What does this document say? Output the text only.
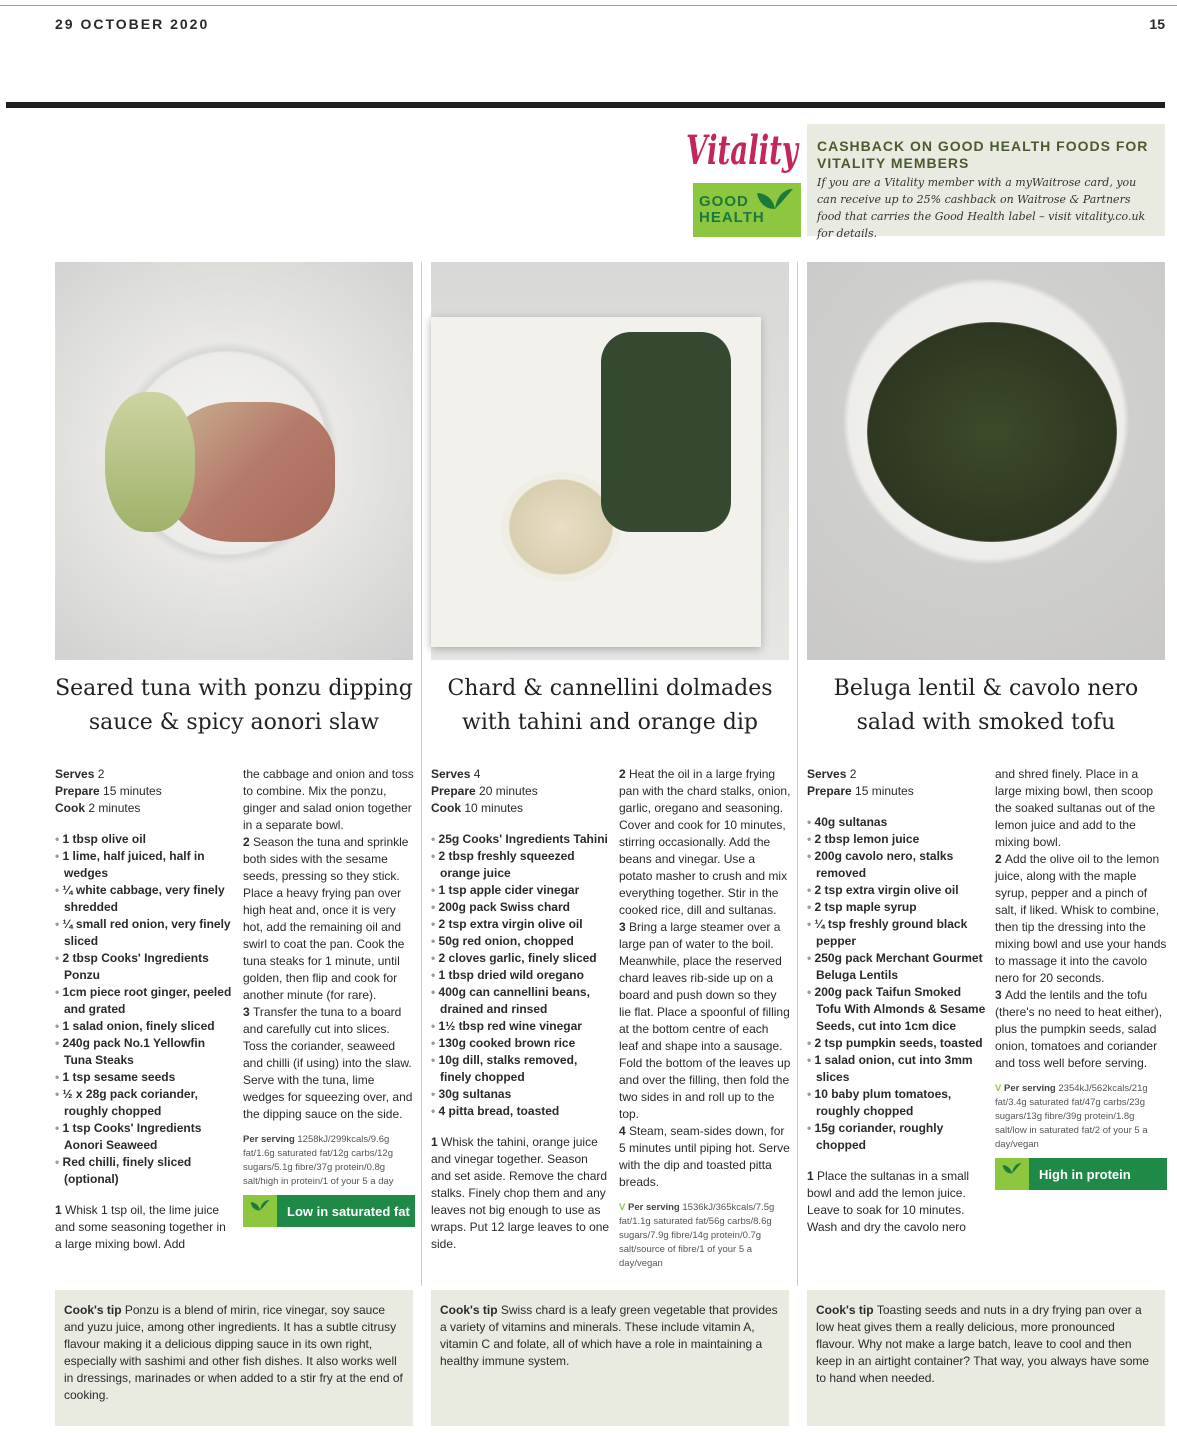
29 OCTOBER 2020	15
Vitality
GOOD HEALTH
CASHBACK ON GOOD HEALTH FOODS FOR VITALITY MEMBERS

If you are a Vitality member with a myWaitrose card, you can receive up to 25% cashback on Waitrose & Partners food that carries the Good Health label – visit vitality.co.uk for details.

Seared tuna with ponzu dipping sauce & spicy aonori slaw
Serves 2
Prepare 15 minutes
Cook 2 minutes
• 1 tbsp olive oil
• 1 lime, half juiced, half in wedges
• ¼ white cabbage, very finely shredded
• ¼ small red onion, very finely sliced
• 2 tbsp Cooks' Ingredients Ponzu
• 1cm piece root ginger, peeled and grated
• 1 salad onion, finely sliced
• 240g pack No.1 Yellowfin Tuna Steaks
• 1 tsp sesame seeds
• ½ x 28g pack coriander, roughly chopped
• 1 tsp Cooks' Ingredients Aonori Seaweed
• Red chilli, finely sliced (optional)

1 Whisk 1 tsp oil, the lime juice and some seasoning together in a large mixing bowl. Add

the cabbage and onion and toss to combine. Mix the ponzu, ginger and salad onion together in a separate bowl.

2 Season the tuna and sprinkle both sides with the sesame seeds, pressing so they stick. Place a heavy frying pan over high heat and, once it is very hot, add the remaining oil and swirl to coat the pan. Cook the tuna steaks for 1 minute, until golden, then flip and cook for another minute (for rare).

3 Transfer the tuna to a board and carefully cut into slices. Toss the coriander, seaweed and chilli (if using) into the slaw. Serve with the tuna, lime wedges for squeezing over, and the dipping sauce on the side.

Per serving 1258kJ/299kcals/9.6g fat/1.6g saturated fat/12g carbs/12g sugars/5.1g fibre/37g protein/0.8g salt/high in protein/1 of your 5 a day
Low in saturated fat
Cook's tip Ponzu is a blend of mirin, rice vinegar, soy sauce and yuzu juice, among other ingredients. It has a subtle citrusy flavour making it a delicious dipping sauce in its own right, especially with sashimi and other fish dishes. It also works well in dressings, marinades or when added to a stir fry at the end of cooking.
Chard & cannellini dolmades with tahini and orange dip
Serves 4
Prepare 20 minutes
Cook 10 minutes
• 25g Cooks' Ingredients Tahini
• 2 tbsp freshly squeezed orange juice
• 1 tsp apple cider vinegar
• 200g pack Swiss chard
• 2 tsp extra virgin olive oil
• 50g red onion, chopped
• 2 cloves garlic, finely sliced
• 1 tbsp dried wild oregano
• 400g can cannellini beans, drained and rinsed
• 1½ tbsp red wine vinegar
• 130g cooked brown rice
• 10g dill, stalks removed, finely chopped
• 30g sultanas
• 4 pitta bread, toasted

1 Whisk the tahini, orange juice and vinegar together. Season and set aside. Remove the chard stalks. Finely chop them and any leaves not big enough to use as wraps. Put 12 large leaves to one side.

2 Heat the oil in a large frying pan with the chard stalks, onion, garlic, oregano and seasoning. Cover and cook for 10 minutes, stirring occasionally. Add the beans and vinegar. Use a potato masher to crush and mix everything together. Stir in the cooked rice, dill and sultanas.

3 Bring a large steamer over a large pan of water to the boil. Meanwhile, place the reserved chard leaves rib-side up on a board and push down so they lie flat. Place a spoonful of filling at the bottom centre of each leaf and shape into a sausage. Fold the bottom of the leaves up and over the filling, then fold the two sides in and roll up to the top.

4 Steam, seam-sides down, for 5 minutes until piping hot. Serve with the dip and toasted pitta breads.

V Per serving 1536kJ/365kcals/7.5g fat/1.1g saturated fat/56g carbs/8.6g sugars/7.9g fibre/14g protein/0.7g salt/source of fibre/1 of your 5 a day/vegan
Cook's tip Swiss chard is a leafy green vegetable that provides a variety of vitamins and minerals. These include vitamin A, vitamin C and folate, all of which have a role in maintaining a healthy immune system.
Beluga lentil & cavolo nero salad with smoked tofu
Serves 2
Prepare 15 minutes
• 40g sultanas
• 2 tbsp lemon juice
• 200g cavolo nero, stalks removed
• 2 tsp extra virgin olive oil
• 2 tsp maple syrup
• ¼ tsp freshly ground black pepper
• 250g pack Merchant Gourmet Beluga Lentils
• 200g pack Taifun Smoked Tofu With Almonds & Sesame Seeds, cut into 1cm dice
• 2 tsp pumpkin seeds, toasted
• 1 salad onion, cut into 3mm slices
• 10 baby plum tomatoes, roughly chopped
• 15g coriander, roughly chopped

1 Place the sultanas in a small bowl and add the lemon juice. Leave to soak for 10 minutes. Wash and dry the cavolo nero

and shred finely. Place in a large mixing bowl, then scoop the soaked sultanas out of the lemon juice and add to the mixing bowl.

2 Add the olive oil to the lemon juice, along with the maple syrup, pepper and a pinch of salt, if liked. Whisk to combine, then tip the dressing into the mixing bowl and use your hands to massage it into the cavolo nero for 20 seconds.

3 Add the lentils and the tofu (there's no need to heat either), plus the pumpkin seeds, salad onion, tomatoes and coriander and toss well before serving.

V Per serving 2354kJ/562kcals/21g fat/3.4g saturated fat/47g carbs/23g sugars/13g fibre/39g protein/1.8g salt/low in saturated fat/2 of your 5 a day/vegan
High in protein
Cook's tip Toasting seeds and nuts in a dry frying pan over a low heat gives them a really delicious, more pronounced flavour. Why not make a large batch, leave to cool and then keep in an airtight container? That way, you always have some to hand when needed.
